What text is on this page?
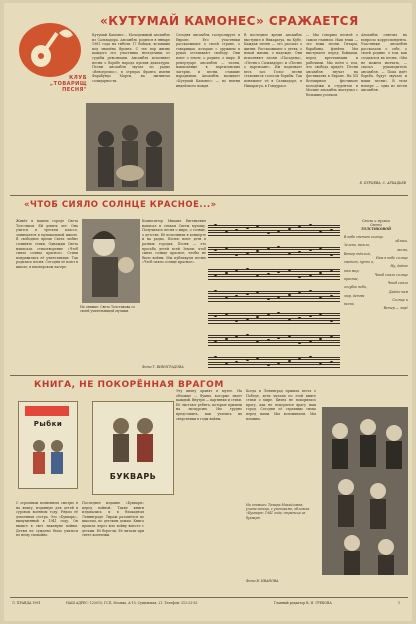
КЛУБ
„ТОВАРИЩ
ПЕСНЯ"
«КУТУМАЙ КАМОНЕС» СРАЖАЕТСЯ
Кутумай Камонес... Молодежный ансамбль из Сальвадора. Ансамбль родился в январе 1981 года на гибели 17 бойцов, вставших под знамёна Фронта. С тех пор жизнь каждого его участника неотделима от судьбы революции. Ансамбль исполняет песни о борьбе народа против диктатуры. Песни ансамбля звучат по радио «Венсеремос», в отрядах Фронта имени Фарабундо Марти, на митингах солидарности.
Сегодня ансамбль гастролирует в Европе. Его участники рассказывают о своей стране, о товарищах, которые с оружием в руках отстаивают свободу. Они поют о земле, о родине, о мире. В репертуаре ансамбля — песни, написанные в партизанских лагерях, и песни, ставшие народными. Ансамбль называет «Кутумай Камонес» — по имени индейского вождя.
В последнее время ансамбль выступил в Никарагуа, на Кубе. Каждая песня — это рассказ о жизни. Рассказывают о детях, о новой жизни, о надежде. Они исполняют песни «Пасадена», «Песня о Сальвадоре» и «Песню о партизане». Им подпевает весь зал. Голос песни становится голосом борьбы. Так понимают её в Сальвадоре, в Никарагуа, в Гондурасе.
— Мы говорим песней о самом главном. Наш язык — это язык песни. Гитары, барабаны, флейты. Мы выступаем перед бойцами, перед крестьянами и рабочими. Мы поём о том, что свобода придёт. Песни ансамбля звучат на фестивалях в Европе. На XII Всемирном фестивале молодёжи и студентов в Москве ансамбль выступал с большим успехом.
Ансамбль ответил на вопросы корреспондента. Участники ансамбля рассказали о себе, о своей родине, о том, как создаются их песни. «Мы не можем молчать, — сказал руководитель ансамбля. — Пока идёт борьба, будут звучать и наши песни». В этом номере — одна из песен ансамбля.
Е. БУРЦЕВА, С. АРКАДЬЕВ
«ЧТОБ СИЯЛО СОЛНЦЕ КРАСНОЕ...»
Живёт в нашем городе Света Толстиков. Ей девять лет. Она учится в третьем классе, занимается в музыкальной школе. В свободное время Света любит сочинять стихи. Однажды Света написала стихотворение «Чтоб сияло солнце красное». Стихи понравились её учительнице. Так родилась песня. Сегодня её поют в школе, в пионерском лагере.
На снимке: Света Толстикова со своей учительницей музыки.
Композитор Михаил Евгеньевич написал к стихам Светы музыку. Получилась песня о мире, о солнце, о детстве. Её исполнили в концерте и на радио. Песню поют дети в разных городах. Песня — это просьба детей всей Земли: чтоб сияло солнце красное, чтобы не было войны. Мы публикуем песню «Чтоб сияло солнце красное».
Фото Т. ВИНОГРАДОВА
Стихи и музыка
Светы
ТОЛСТИКОВОЙ
В небе светит солнце,
облако,
Зелено, весело,
весна,
Ветер тёплый,
Нам в небе солнце
светит, пусть и,
Ну, дайте
нам мир,
Чтоб сияло солнце
красное,
Чтоб сияло
голубое небо,
Дайте нам
мир, детям
Солнце и
весна,
Ветер — мир!
КНИГА, НЕ ПОКОРЁННАЯ ВРАГОМ
Рыбки
БУКВАРЬ
С огромным волнением смотрю я на книгу, изданную для детей в суровом военном году. Рядом её довоенная сестра. Это «Букварь», выпущенный в 1941 году. Он вышел в свет накануне войны. Детям не суждено было учиться по нему спокойно.
Последнее издание «Букваря» перед войной. Такие книги издавались и в блокадном Ленинграде. Тираж разошёлся по школам, по детским домам. Книга прошла через всю войну вместе с детьми. Её берегли. Её читали при свете коптилки.
Эту книгу хранят в музее. На обложке — буквы, которые знает каждый. Внутри — картинки и стихи. Её листают ребята, которые пришли на экскурсию. Им трудно представить, как учились их сверстники в годы войны.
Когда в Ленинград пришла весть о Победе, дети читали по этой книге стихи о мире. Книга не покорилась врагу, как не покорился врагу наш город. Сегодня её страницы снова перед нами. Мы вспоминаем. Мы помним.
На снимках: Тамара Михайловна, учительница, с учениками; обложка «Букваря» 1941 года; страница из букваря.
Фото В. ИВАНОВА
Л. ПРАВДА 1981	НАШ АДРЕС: 125015, ГСП, Москва, А-15, Сущевская, 21. Телефон: 212-23-55.	Главный редактор В. И. ГРЕКОВА	1
